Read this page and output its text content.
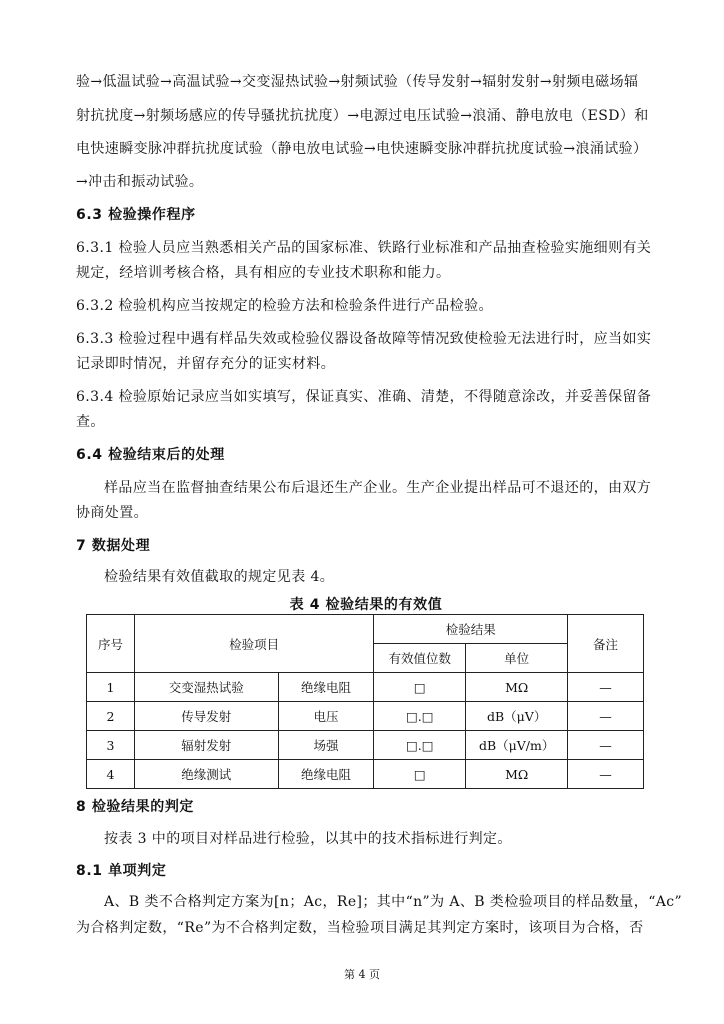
验→低温试验→高温试验→交变湿热试验→射频试验（传导发射→辐射发射→射频电磁场辐
射抗扰度→射频场感应的传导骚扰抗扰度）→电源过电压试验→浪涌、静电放电（ESD）和
电快速瞬变脉冲群抗扰度试验（静电放电试验→电快速瞬变脉冲群抗扰度试验→浪涌试验）
→冲击和振动试验。
6.3 检验操作程序
6.3.1 检验人员应当熟悉相关产品的国家标准、铁路行业标准和产品抽查检验实施细则有关
规定，经培训考核合格，具有相应的专业技术职称和能力。
6.3.2 检验机构应当按规定的检验方法和检验条件进行产品检验。
6.3.3 检验过程中遇有样品失效或检验仪器设备故障等情况致使检验无法进行时，应当如实
记录即时情况，并留存充分的证实材料。
6.3.4 检验原始记录应当如实填写，保证真实、准确、清楚，不得随意涂改，并妥善保留备
查。
6.4 检验结束后的处理
样品应当在监督抽查结果公布后退还生产企业。生产企业提出样品可不退还的，由双方
协商处置。
7 数据处理
检验结果有效值截取的规定见表 4。
表 4 检验结果的有效值
序号	检验项目		检验结果		备注
			有效值位数	单位	
1	交变湿热试验	绝缘电阻	□	MΩ	—
2	传导发射	电压	□.□	dB（μV）	—
3	辐射发射	场强	□.□	dB（μV/m）	—
4	绝缘测试	绝缘电阻	□	MΩ	—
8 检验结果的判定
按表 3 中的项目对样品进行检验，以其中的技术指标进行判定。
8.1 单项判定
A、B 类不合格判定方案为[n；Ac，Re]；其中“n”为 A、B 类检验项目的样品数量，“Ac”
为合格判定数，“Re”为不合格判定数，当检验项目满足其判定方案时，该项目为合格，否
第 4 页
